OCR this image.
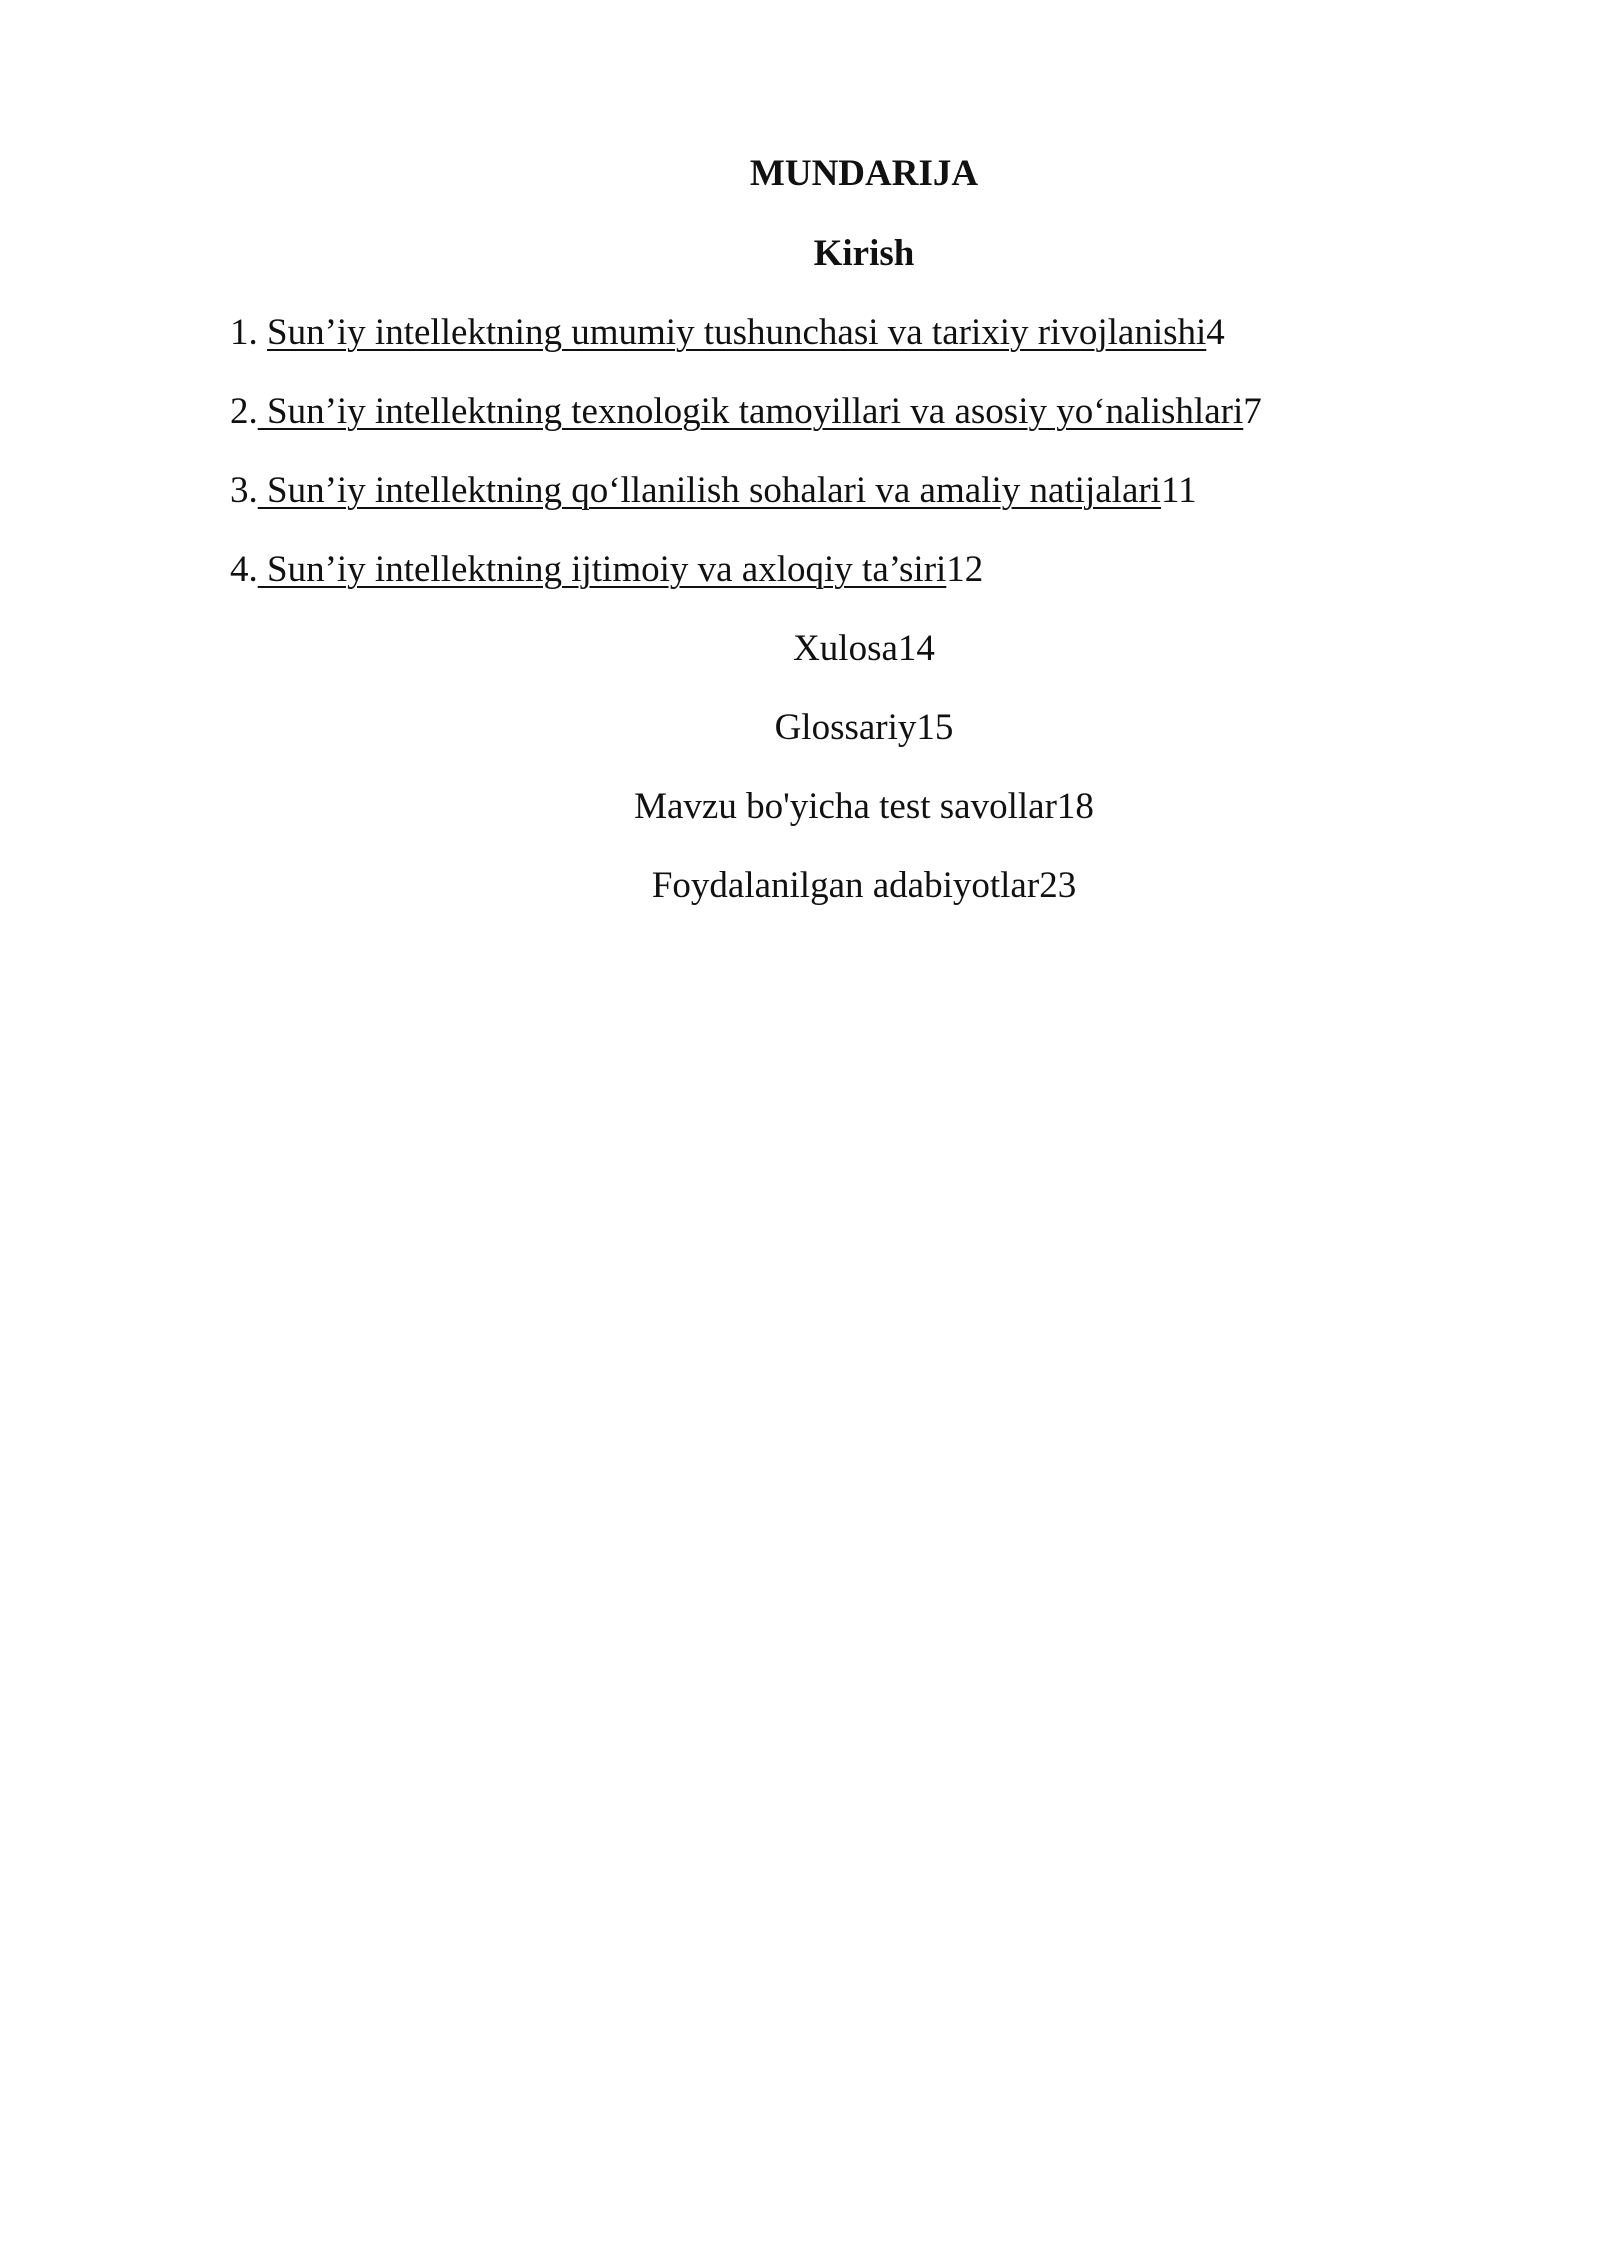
MUNDARIJA
Kirish
1. Sun’iy intellektning umumiy tushunchasi va tarixiy rivojlanishi4
2. Sun’iy intellektning texnologik tamoyillari va asosiy yo‘nalishlari7
3. Sun’iy intellektning qo‘llanilish sohalari va amaliy natijalari11
4. Sun’iy intellektning ijtimoiy va axloqiy ta’siri12
Xulosa14
Glossariy15
Mavzu bo'yicha test savollar18
Foydalanilgan adabiyotlar23
